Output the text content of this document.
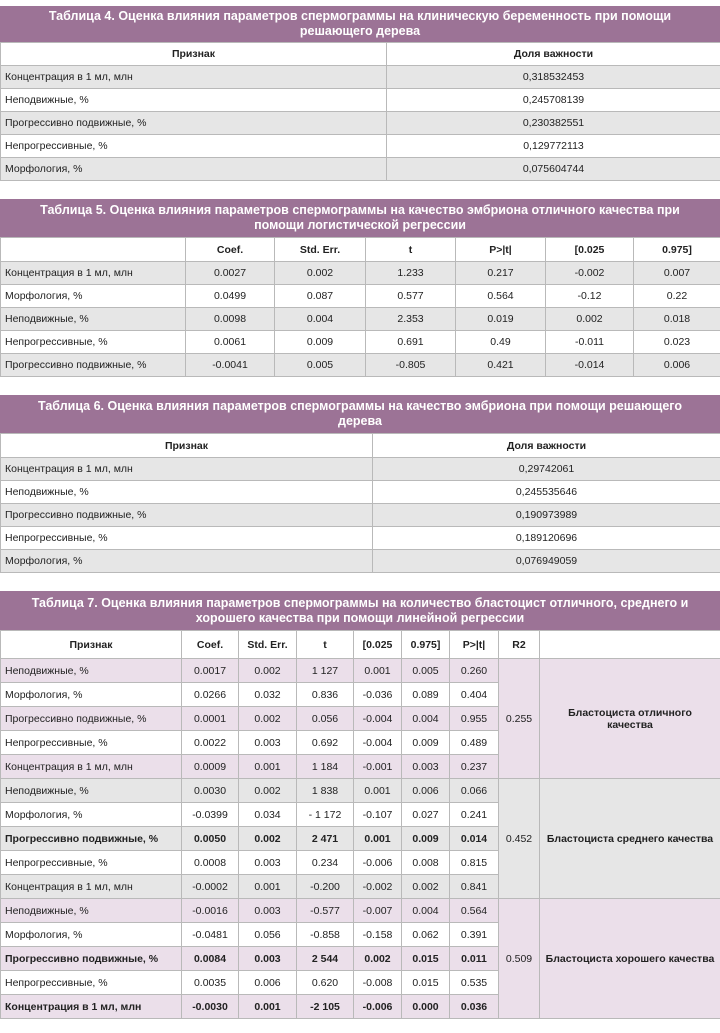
Таблица 4. Оценка влияния параметров спермограммы на клиническую беременность при помощи решающего дерева
Признак	Доля важности
Концентрация в 1 мл, млн	0,318532453
Неподвижные, %	0,245708139
Прогрессивно подвижные, %	0,230382551
Непрогрессивные, %	0,129772113
Морфология, %	0,075604744
Таблица 5. Оценка влияния параметров спермограммы на качество эмбриона отличного качества при помощи логистической регрессии
	Coef.	Std. Err.	t	P>|t|	[0.025	0.975]
Концентрация в 1 мл, млн	0.0027	0.002	1.233	0.217	-0.002	0.007
Морфология, %	0.0499	0.087	0.577	0.564	-0.12	0.22
Неподвижные, %	0.0098	0.004	2.353	0.019	0.002	0.018
Непрогрессивные, %	0.0061	0.009	0.691	0.49	-0.011	0.023
Прогрессивно подвижные, %	-0.0041	0.005	-0.805	0.421	-0.014	0.006
Таблица 6. Оценка влияния параметров спермограммы на качество эмбриона при помощи решающего дерева
Признак	Доля важности
Концентрация в 1 мл, млн	0,29742061
Неподвижные, %	0,245535646
Прогрессивно подвижные, %	0,190973989
Непрогрессивные, %	0,189120696
Морфология, %	0,076949059
Таблица 7. Оценка влияния параметров спермограммы на количество бластоцист отличного, среднего и хорошего качества при помощи линейной регрессии
Признак	Coef.	Std. Err.	t	[0.025	0.975]	P>|t|	R2	
Неподвижные, %	0.0017	0.002	1 127	0.001	0.005	0.260	0.255	Бластоциста отличного качества
Морфология, %	0.0266	0.032	0.836	-0.036	0.089	0.404		
Прогрессивно подвижные, %	0.0001	0.002	0.056	-0.004	0.004	0.955		
Непрогрессивные, %	0.0022	0.003	0.692	-0.004	0.009	0.489		
Концентрация в 1 мл, млн	0.0009	0.001	1 184	-0.001	0.003	0.237		
Неподвижные, %	0.0030	0.002	1 838	0.001	0.006	0.066	0.452	Бластоциста среднего качества
Морфология, %	-0.0399	0.034	- 1 172	-0.107	0.027	0.241		
Прогрессивно подвижные, %	0.0050	0.002	2 471	0.001	0.009	0.014		
Непрогрессивные, %	0.0008	0.003	0.234	-0.006	0.008	0.815		
Концентрация в 1 мл, млн	-0.0002	0.001	-0.200	-0.002	0.002	0.841		
Неподвижные, %	-0.0016	0.003	-0.577	-0.007	0.004	0.564	0.509	Бластоциста хорошего качества
Морфология, %	-0.0481	0.056	-0.858	-0.158	0.062	0.391		
Прогрессивно подвижные, %	0.0084	0.003	2 544	0.002	0.015	0.011		
Непрогрессивные, %	0.0035	0.006	0.620	-0.008	0.015	0.535		
Концентрация в 1 мл, млн	-0.0030	0.001	-2 105	-0.006	0.000	0.036		
